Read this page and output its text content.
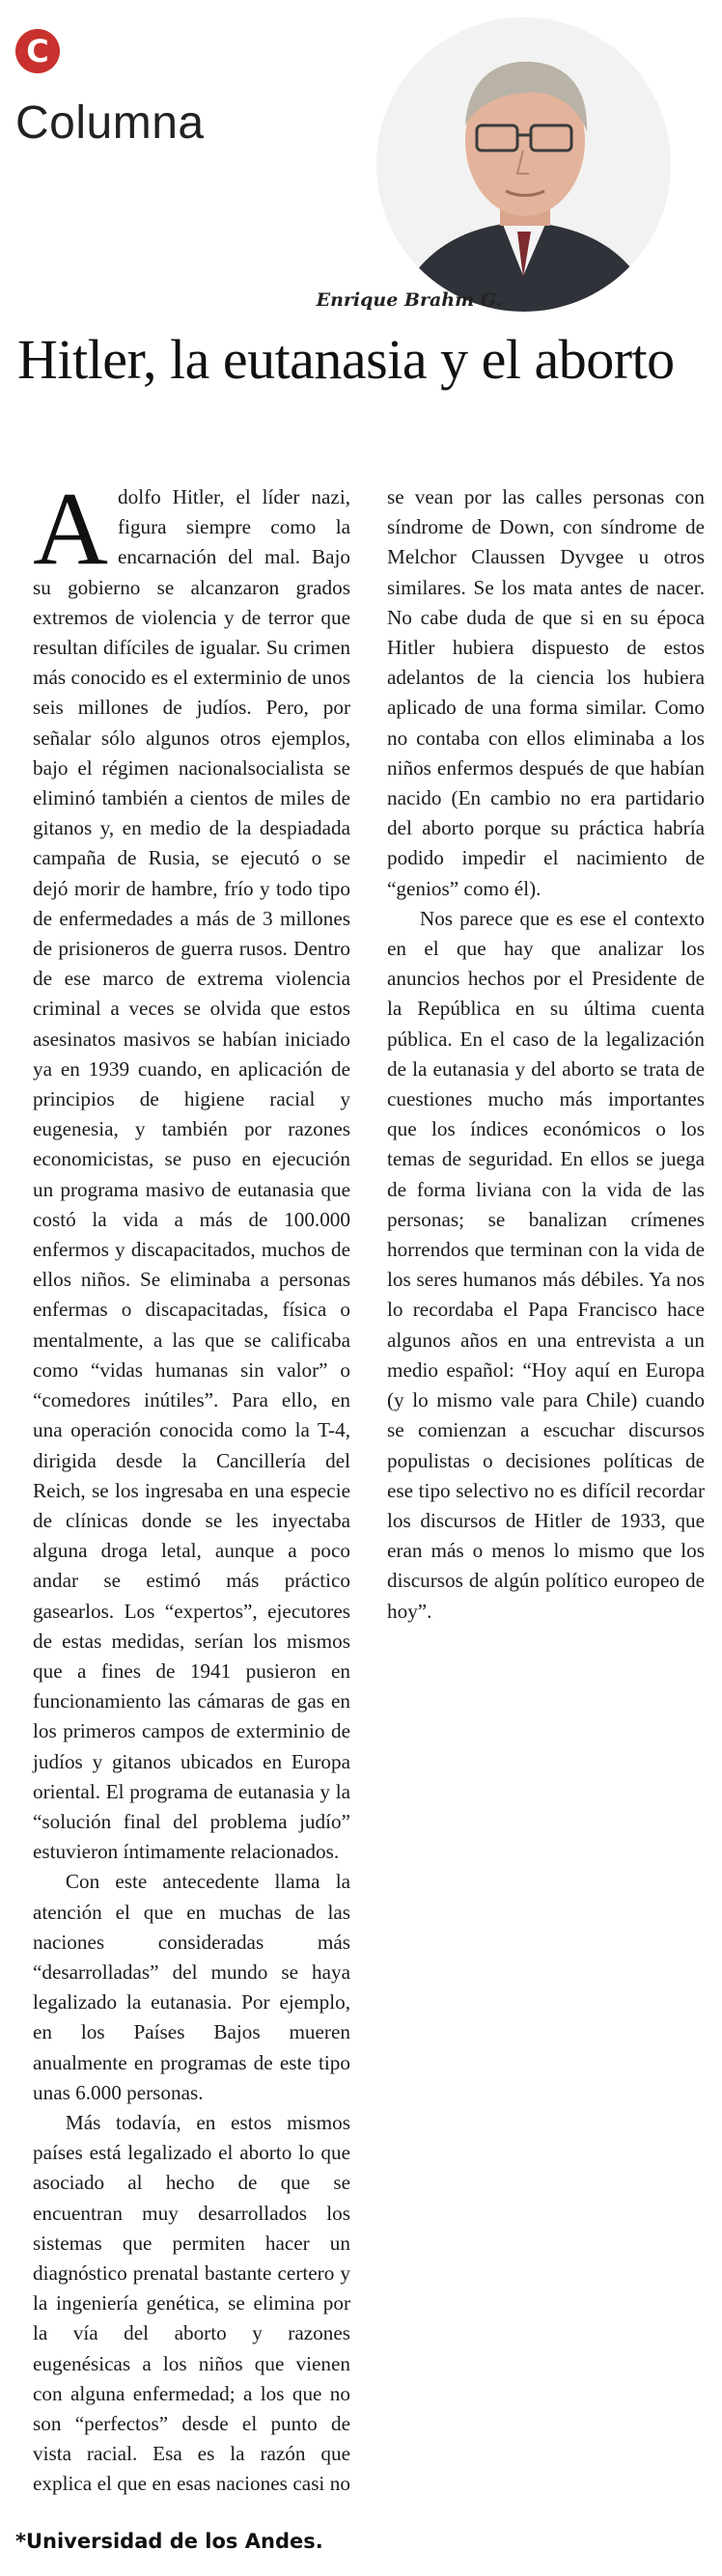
C
Columna
Enrique Brahm G.
Hitler, la eutanasia y el aborto

Adolfo Hitler, el líder nazi, figura siempre como la encarnación del mal. Bajo su gobierno se alcanzaron grados extremos de violencia y de terror que resultan difíciles de igualar. Su crimen más conocido es el exterminio de unos seis millones de judíos. Pero, por señalar sólo algunos otros ejemplos, bajo el régimen nacionalsocialista se eliminó también a cientos de miles de gitanos y, en medio de la despiadada campaña de Rusia, se ejecutó o se dejó morir de hambre, frío y todo tipo de enfermedades a más de 3 millones de prisioneros de guerra rusos. Dentro de ese marco de extrema violencia criminal a veces se olvida que estos asesinatos masivos se habían iniciado ya en 1939 cuando, en aplicación de principios de higiene racial y eugenesia, y también por razones economicistas, se puso en ejecución un programa masivo de eutanasia que costó la vida a más de 100.000 enfermos y discapacitados, muchos de ellos niños. Se eliminaba a personas enfermas o discapacitadas, física o mentalmente, a las que se calificaba como “vidas humanas sin valor” o “comedores inútiles”. Para ello, en una operación conocida como la T-4, dirigida desde la Cancillería del Reich, se los ingresaba en una especie de clínicas donde se les inyectaba alguna droga letal, aunque a poco andar se estimó más práctico gasearlos. Los “expertos”, ejecutores de estas medidas, serían los mismos que a fines de 1941 pusieron en funcionamiento las cámaras de gas en los primeros campos de exterminio de judíos y gitanos ubicados en Europa oriental. El programa de eutanasia y la “solución final del problema judío” estuvieron íntimamente relacionados.

Con este antecedente llama la atención el que en muchas de las naciones consideradas más “desarrolladas” del mundo se haya legalizado la eutanasia. Por ejemplo, en los Países Bajos mueren anualmente en programas de este tipo unas 6.000 personas.

Más todavía, en estos mismos países está legalizado el aborto lo que asociado al hecho de que se encuentran muy desarrollados los sistemas que permiten hacer un diagnóstico prenatal bastante certero y la ingeniería genética, se elimina por la vía del aborto y razones eugenésicas a los niños que vienen con alguna enfermedad; a los que no son “perfectos” desde el punto de vista racial. Esa es la razón que explica el que en esas naciones casi no se vean por las calles personas con síndrome de Down, con síndrome de Melchor Claussen Dyvgee u otros similares. Se los mata antes de nacer. No cabe duda de que si en su época Hitler hubiera dispuesto de estos adelantos de la ciencia los hubiera aplicado de una forma similar. Como no contaba con ellos eliminaba a los niños enfermos después de que habían nacido (En cambio no era partidario del aborto porque su práctica habría podido impedir el nacimiento de “genios” como él).

Nos parece que es ese el contexto en el que hay que analizar los anuncios hechos por el Presidente de la República en su última cuenta pública. En el caso de la legalización de la eutanasia y del aborto se trata de cuestiones mucho más importantes que los índices económicos o los temas de seguridad. En ellos se juega de forma liviana con la vida de las personas; se banalizan crímenes horrendos que terminan con la vida de los seres humanos más débiles. Ya nos lo recordaba el Papa Francisco hace algunos años en una entrevista a un medio español: “Hoy aquí en Europa (y lo mismo vale para Chile) cuando se comienzan a escuchar discursos populistas o decisiones políticas de ese tipo selectivo no es difícil recordar los discursos de Hitler de 1933, que eran más o menos lo mismo que los discursos de algún político europeo de hoy”.

*Universidad de los Andes.
